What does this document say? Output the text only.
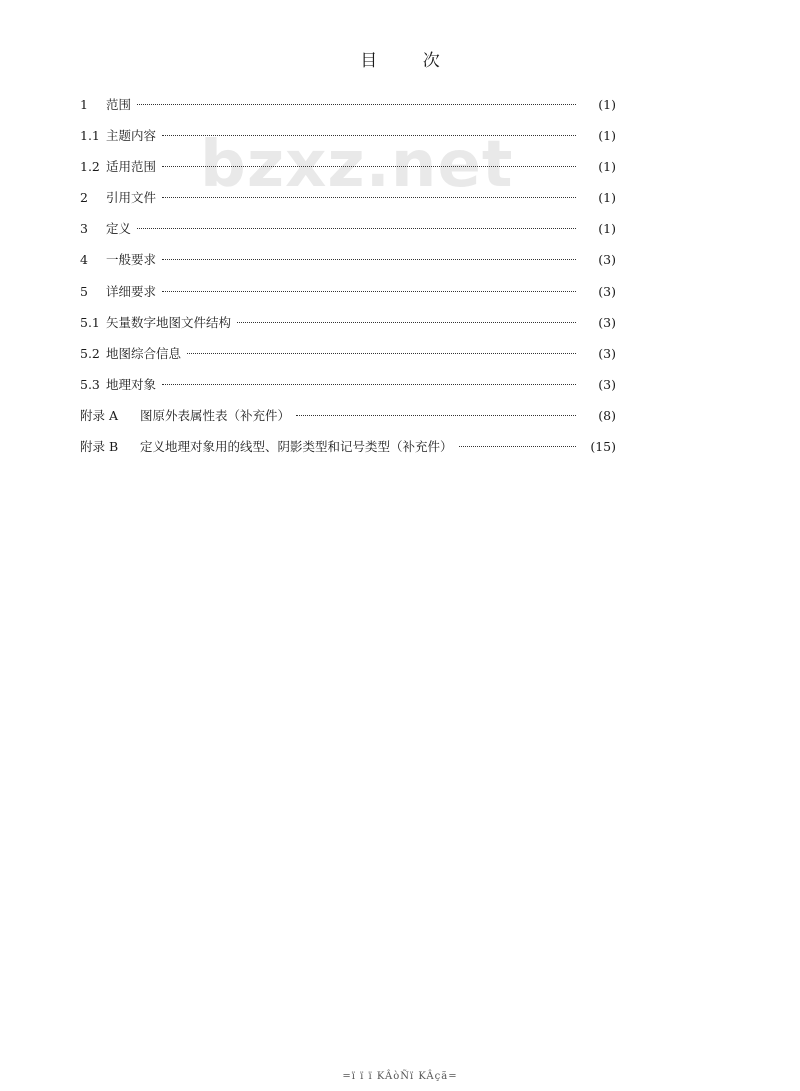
目 次
bzxz.net
1	范围	(1)
1.1 主题内容	(1)
1.2 适用范围	(1)
2	引用文件	(1)
3	定义	(1)
4	一般要求	(3)
5	详细要求	(3)
5.1 矢量数字地图文件结构	(3)
5.2 地图综合信息	(3)
5.3 地理对象	(3)
附录 A	图原外表属性表（补充件）	(8)
附录 B	定义地理对象用的线型、阴影类型和记号类型（补充件）	(15)
=ï ï ï KÂòÑï KÂçã=
